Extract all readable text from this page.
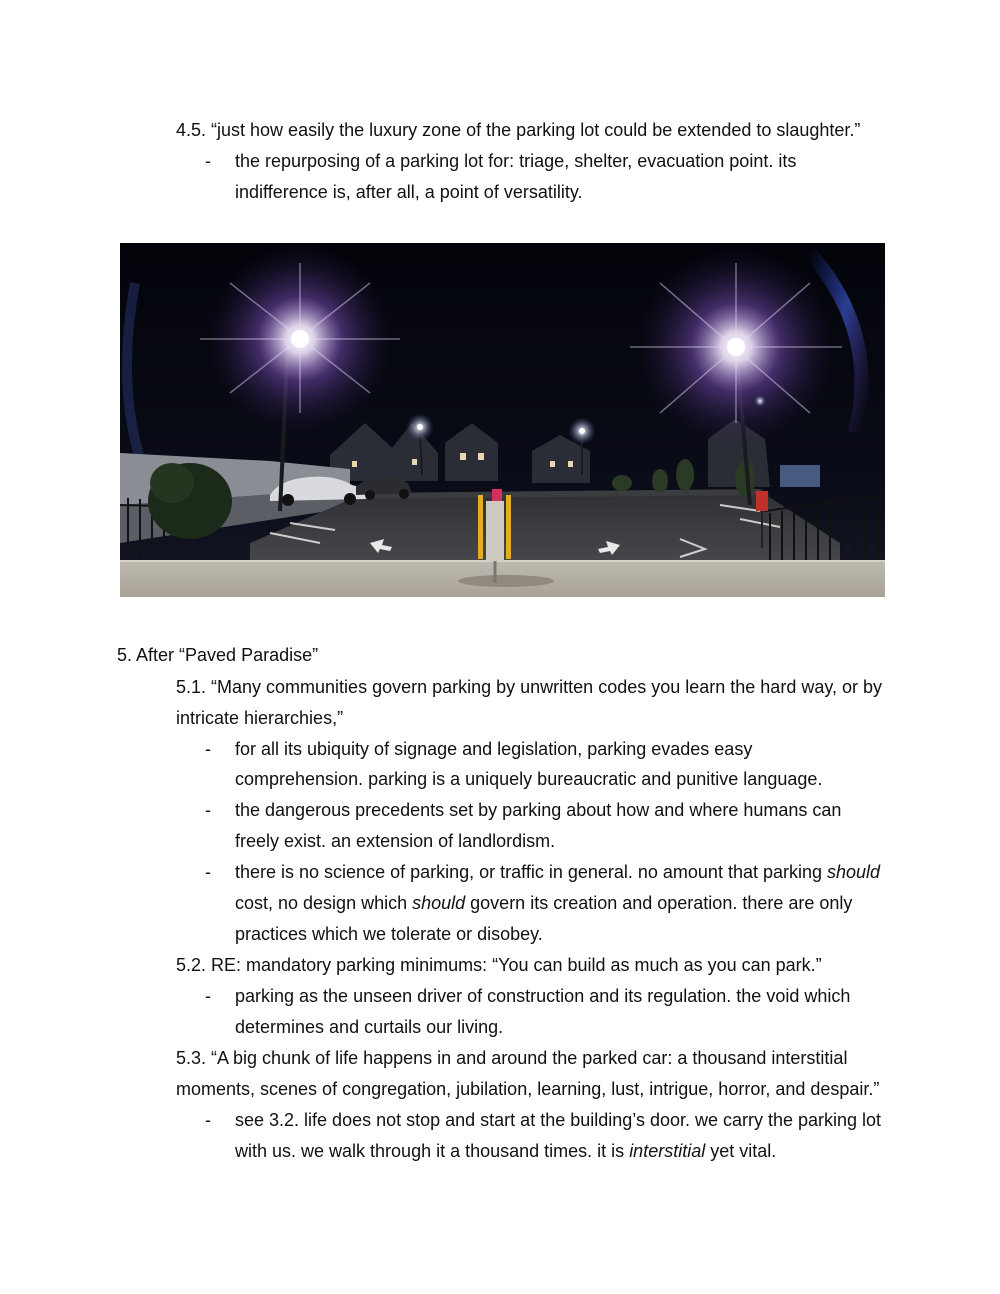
4.5. “just how easily the luxury zone of the parking lot could be extended to slaughter.”
- the repurposing of a parking lot for: triage, shelter, evacuation point. its
indifference is, after all, a point of versatility.
5. After “Paved Paradise”
5.1. “Many communities govern parking by unwritten codes you learn the hard way, or by
intricate hierarchies,”
- for all its ubiquity of signage and legislation, parking evades easy
comprehension. parking is a uniquely bureaucratic and punitive language.
- the dangerous precedents set by parking about how and where humans can
freely exist. an extension of landlordism.
- there is no science of parking, or traffic in general. no amount that parking should
cost, no design which should govern its creation and operation. there are only
practices which we tolerate or disobey.
5.2. RE: mandatory parking minimums: “You can build as much as you can park.”
- parking as the unseen driver of construction and its regulation. the void which
determines and curtails our living.
5.3. “A big chunk of life happens in and around the parked car: a thousand interstitial
moments, scenes of congregation, jubilation, learning, lust, intrigue, horror, and despair.”
- see 3.2. life does not stop and start at the building’s door. we carry the parking lot
with us. we walk through it a thousand times. it is interstitial yet vital.
